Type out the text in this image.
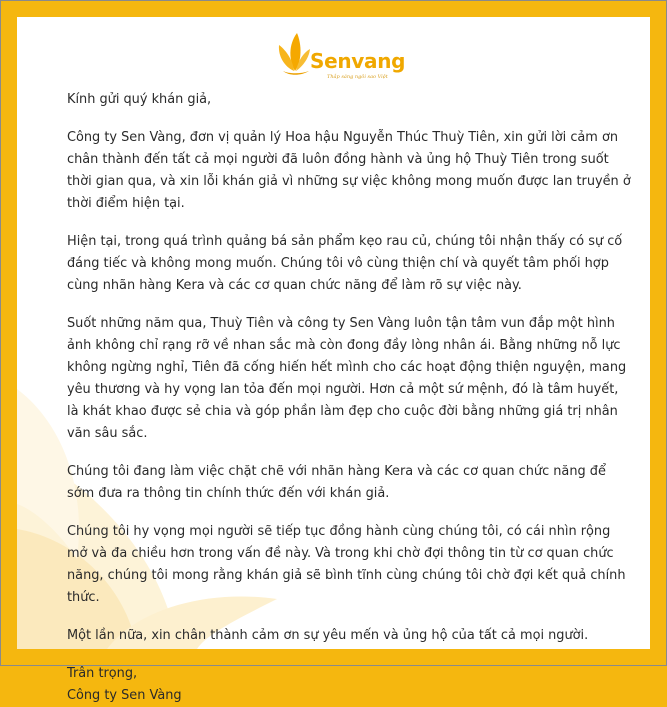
Senvang
Thắp sáng ngôi sao Việt

Kính gửi quý khán giả,

Công ty Sen Vàng, đơn vị quản lý Hoa hậu Nguyễn Thúc Thuỳ Tiên, xin gửi lời cảm ơn chân thành đến tất cả mọi người đã luôn đồng hành và ủng hộ Thuỳ Tiên trong suốt thời gian qua, và xin lỗi khán giả vì những sự việc không mong muốn được lan truyền ở thời điểm hiện tại.

Hiện tại, trong quá trình quảng bá sản phẩm kẹo rau củ, chúng tôi nhận thấy có sự cố đáng tiếc và không mong muốn. Chúng tôi vô cùng thiện chí và quyết tâm phối hợp cùng nhãn hàng Kera và các cơ quan chức năng để làm rõ sự việc này.

Suốt những năm qua, Thuỳ Tiên và công ty Sen Vàng luôn tận tâm vun đắp một hình ảnh không chỉ rạng rỡ về nhan sắc mà còn đong đầy lòng nhân ái. Bằng những nỗ lực không ngừng nghỉ, Tiên đã cống hiến hết mình cho các hoạt động thiện nguyện, mang yêu thương và hy vọng lan tỏa đến mọi người. Hơn cả một sứ mệnh, đó là tâm huyết, là khát khao được sẻ chia và góp phần làm đẹp cho cuộc đời bằng những giá trị nhân văn sâu sắc.

Chúng tôi đang làm việc chặt chẽ với nhãn hàng Kera và các cơ quan chức năng để sớm đưa ra thông tin chính thức đến với khán giả.

Chúng tôi hy vọng mọi người sẽ tiếp tục đồng hành cùng chúng tôi, có cái nhìn rộng mở và đa chiều hơn trong vấn đề này. Và trong khi chờ đợi thông tin từ cơ quan chức năng, chúng tôi mong rằng khán giả sẽ bình tĩnh cùng chúng tôi chờ đợi kết quả chính thức.

Một lần nữa, xin chân thành cảm ơn sự yêu mến và ủng hộ của tất cả mọi người.

Trân trọng,

Công ty Sen Vàng
